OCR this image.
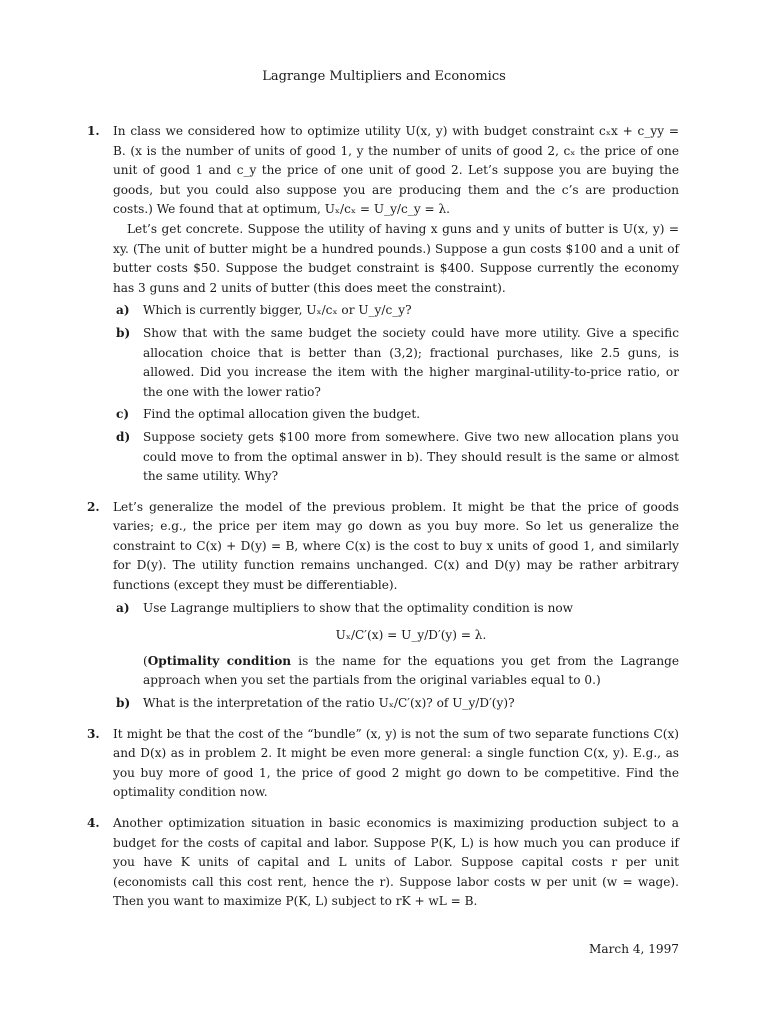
Lagrange Multipliers and Economics
1. In class we considered how to optimize utility U(x, y) with budget constraint cₓx + c_yy = B. (x is the number of units of good 1, y the number of units of good 2, cₓ the price of one unit of good 1 and c_y the price of one unit of good 2. Let’s suppose you are buying the goods, but you could also suppose you are producing them and the c’s are production costs.) We found that at optimum, Uₓ/cₓ = U_y/c_y = λ.

Let’s get concrete. Suppose the utility of having x guns and y units of butter is U(x, y) = xy. (The unit of butter might be a hundred pounds.) Suppose a gun costs $100 and a unit of butter costs $50. Suppose the budget constraint is $400. Suppose currently the economy has 3 guns and 2 units of butter (this does meet the constraint).

a) Which is currently bigger, Uₓ/cₓ or U_y/c_y?
b) Show that with the same budget the society could have more utility. Give a specific allocation choice that is better than (3,2); fractional purchases, like 2.5 guns, is allowed. Did you increase the item with the higher marginal-utility-to-price ratio, or the one with the lower ratio?
c) Find the optimal allocation given the budget.
d) Suppose society gets $100 more from somewhere. Give two new allocation plans you could move to from the optimal answer in b). They should result is the same or almost the same utility. Why?
2. Let’s generalize the model of the previous problem. It might be that the price of goods varies; e.g., the price per item may go down as you buy more. So let us generalize the constraint to C(x) + D(y) = B, where C(x) is the cost to buy x units of good 1, and similarly for D(y). The utility function remains unchanged. C(x) and D(y) may be rather arbitrary functions (except they must be differentiable).

a) Use Lagrange multipliers to show that the optimality condition is now
Uₓ/C′(x) = U_y/D′(y) = λ.

(Optimality condition is the name for the equations you get from the Lagrange approach when you set the partials from the original variables equal to 0.)

b) What is the interpretation of the ratio Uₓ/C′(x)? of U_y/D′(y)?
3. It might be that the cost of the “bundle” (x, y) is not the sum of two separate functions C(x) and D(x) as in problem 2. It might be even more general: a single function C(x, y). E.g., as you buy more of good 1, the price of good 2 might go down to be competitive. Find the optimality condition now.

4. Another optimization situation in basic economics is maximizing production subject to a budget for the costs of capital and labor. Suppose P(K, L) is how much you can produce if you have K units of capital and L units of Labor. Suppose capital costs r per unit (economists call this cost rent, hence the r). Suppose labor costs w per unit (w = wage). Then you want to maximize P(K, L) subject to rK + wL = B.

March 4, 1997
